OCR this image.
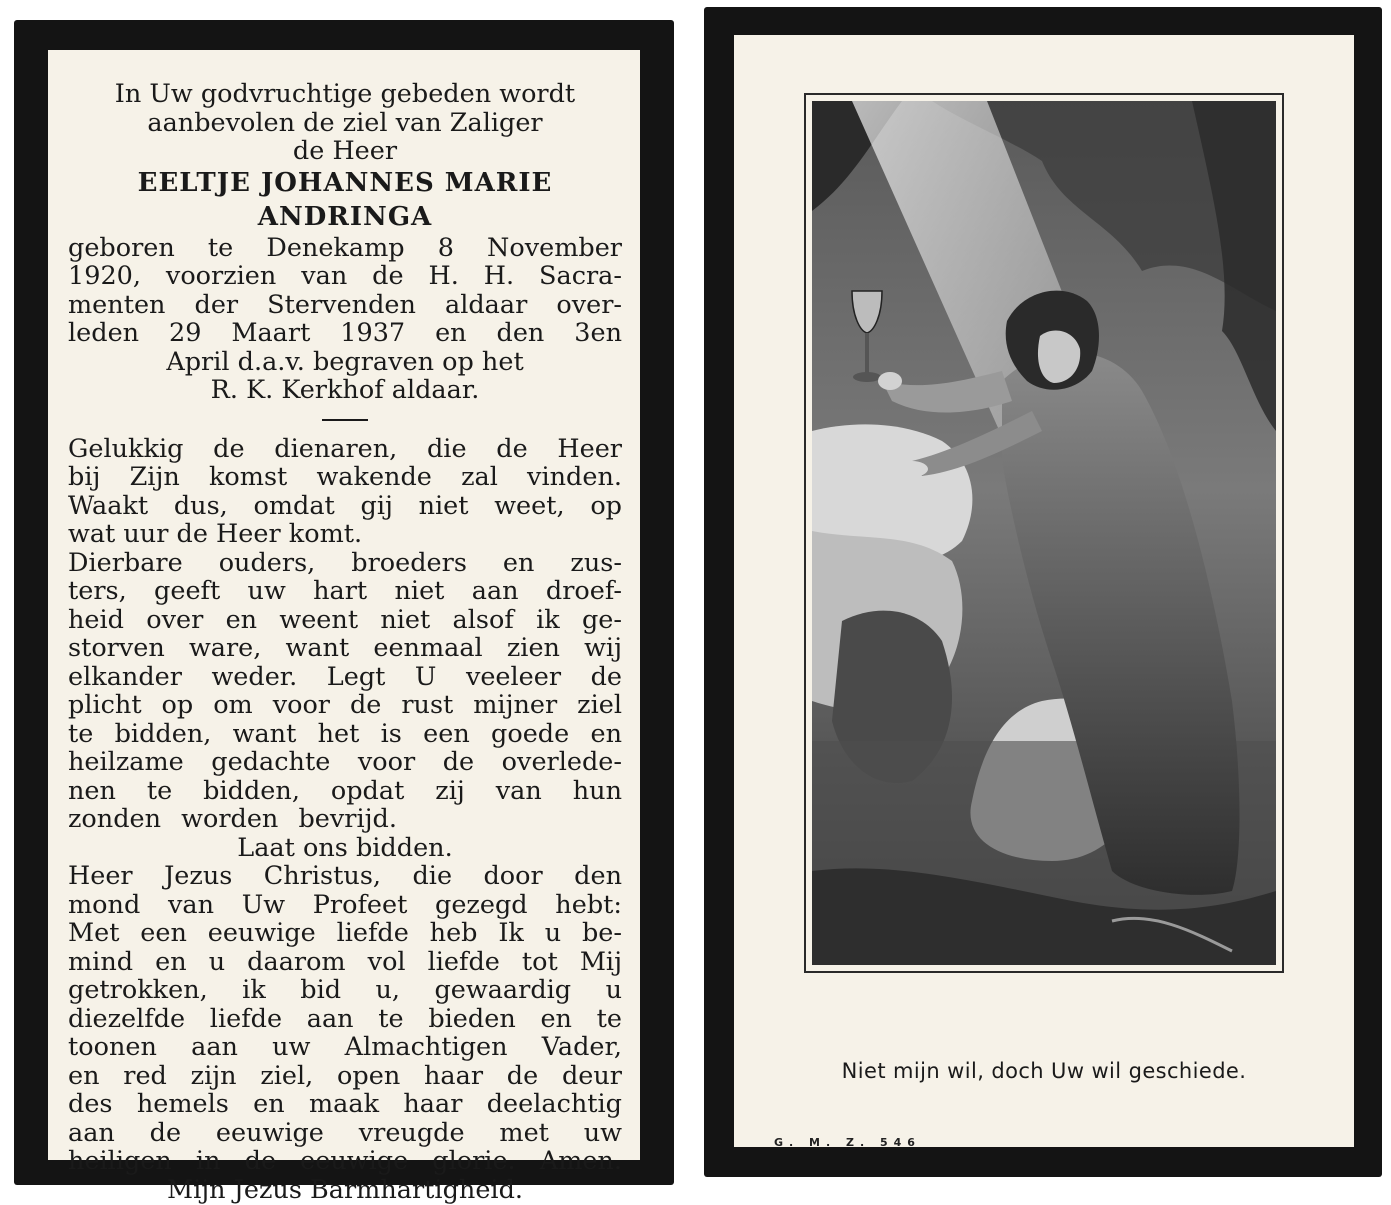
In Uw godvruchtige gebeden wordt
aanbevolen de ziel van Zaliger
de Heer
EELTJE JOHANNES MARIE
ANDRINGA
geboren te Denekamp 8 November
1920, voorzien van de H. H. Sacra-
menten der Stervenden aldaar over-
leden 29 Maart 1937 en den 3en
April d.a.v. begraven op het
R. K. Kerkhof aldaar.
Gelukkig de dienaren, die de Heer
bij Zijn komst wakende zal vinden.
Waakt dus, omdat gij niet weet, op
wat uur de Heer komt.
Dierbare ouders, broeders en zus-
ters, geeft uw hart niet aan droef-
heid over en weent niet alsof ik ge-
storven ware, want eenmaal zien wij
elkander weder. Legt U veeleer de
plicht op om voor de rust mijner ziel
te bidden, want het is een goede en
heilzame gedachte voor de overlede-
nen te bidden, opdat zij van hun
zonden worden bevrijd.
Laat ons bidden.
Heer Jezus Christus, die door den
mond van Uw Profeet gezegd hebt:
Met een eeuwige liefde heb Ik u be-
mind en u daarom vol liefde tot Mij
getrokken, ik bid u, gewaardig u
diezelfde liefde aan te bieden en te
toonen aan uw Almachtigen Vader,
en red zijn ziel, open haar de deur
des hemels en maak haar deelachtig
aan de eeuwige vreugde met uw
heiligen in de eeuwige glorie. Amen.
Mijn Jezus Barmhartigheid.
Niet mijn wil, doch Uw wil geschiede.
G. M. Z. 546
